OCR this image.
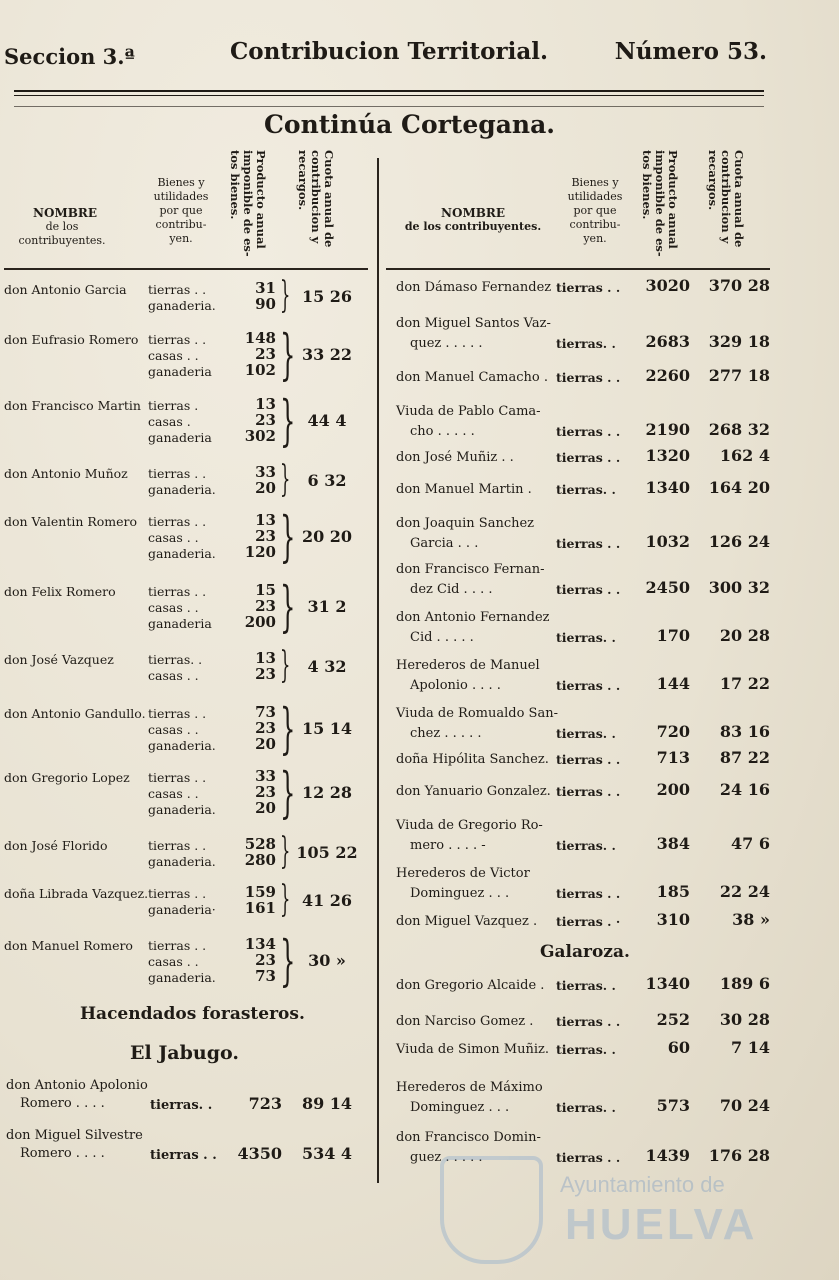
Seccion 3.ª	Contribucion Territorial.	Número 53.
Continúa Cortegana.
NOMBRE
de los contribuyentes.
Bienes y
utilidades
por que
contribu-
yen.	Producto anual imponible de es-tos bienes.	Cuota anual de contribucion y recargos.
NOMBRE
de los contribuyentes.
Bienes y
utilidades
por que
contribu-
yen.	Producto anual imponible de es-tos bienes.	Cuota anual de contribucion y recargos.
don Antonio Garcia tierras . .	31
ganaderia.	90 } 15 26
don Eufrasio Romero tierras . .	148
casas . .	23
ganaderia	102 } 33 22
don Francisco Martin tierras .	13
casas .	23
ganaderia	302 } 44 4
don Antonio Muñoz tierras . .	33
ganaderia.	20 }	6 32
don Valentin Romero tierras . .	13
casas . .	23
ganaderia.	120 } 20 20
don Felix Romero	tierras . .	15
casas . .	23
ganaderia	200 } 31 2
don José Vazquez	tierras. .	13
casas . .	23 }	4 32
don Antonio Gandullo. tierras . .	73
casas . .	23
ganaderia.	20 } 15 14
don Gregorio Lopez tierras . .	33
casas . .	23
ganaderia.	20 } 12 28
don José Florido	tierras . .	528
ganaderia.	280 } 105 22
doña Librada Vazquez. tierras . .	159
ganaderia·	161 } 41 26
don Manuel Romero tierras . .	134
casas . .	23
ganaderia.	73 } 30 »
don Antonio Apolonio
Romero . . . .	tierras. .	723	89 14
don Miguel Silvestre
Romero . . . .	tierras . .	4350	534 4
don Dámaso Fernandez tierras . .	3020	370 28
don Miguel Santos Vaz-
quez . . . . .	tierras. .	2683	329 18
don Manuel Camacho . tierras . .	2260	277 18
Viuda de Pablo Cama-
cho . . . . .	tierras . .	2190	268 32
don José Muñiz . .	tierras . .	1320	162 4
don Manuel Martin . tierras. .	1340	164 20
don Joaquin Sanchez
Garcia . . .	tierras . .	1032	126 24
don Francisco Fernan-
dez Cid . . . .	tierras . .	2450	300 32
don Antonio Fernandez
Cid . . . . .	tierras. .	170	20 28
Herederos de Manuel
Apolonio . . . .	tierras . .	144	17 22
Viuda de Romualdo San-
chez . . . . .	tierras. .	720	83 16
doña Hipólita Sanchez. tierras . .	713	87 22
don Yanuario Gonzalez. tierras . .	200	24 16
Viuda de Gregorio Ro-
mero . . . . -	tierras. .	384	47 6
Herederos de Victor
Dominguez . . .	tierras . .	185	22 24
don Miguel Vazquez . tierras . ·	310	38 »
don Gregorio Alcaide . tierras. .	1340	189 6
don Narciso Gomez . tierras . .	252	30 28
Viuda de Simon Muñiz. tierras. .	60	7 14
Herederos de Máximo
Dominguez . . .	tierras. .	573	70 24
don Francisco Domin-
guez . . . . .	tierras . .	1439	176 28
Hacendados forasteros.
El Jabugo.
Galaroza.
Ayuntamiento de
HUELVA
